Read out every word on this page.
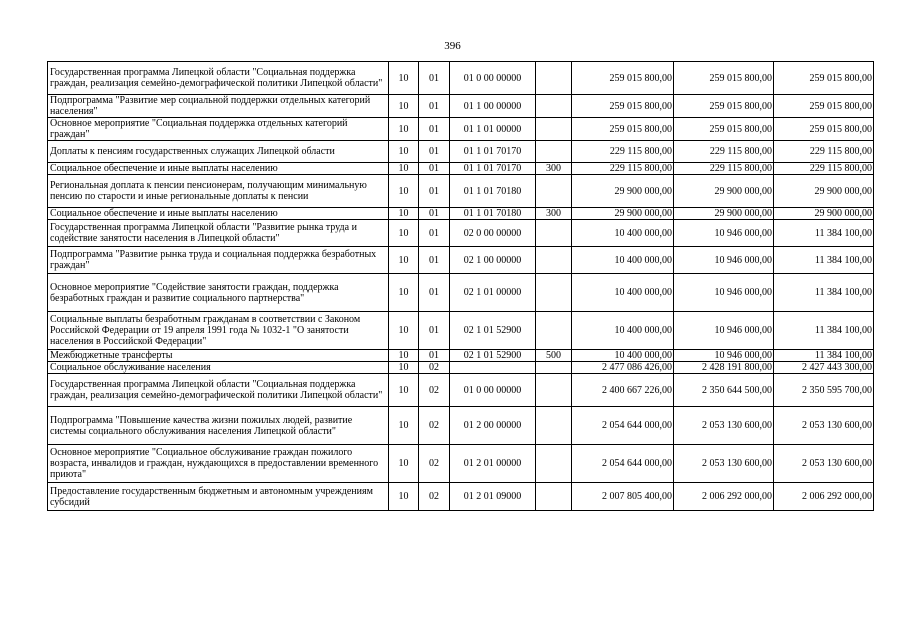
396
Государственная программа Липецкой области "Социальная поддержка граждан, реализация семейно-демографической политики Липецкой области"	10	01	01 0 00 00000		259 015 800,00	259 015 800,00	259 015 800,00
Подпрограмма "Развитие мер социальной поддержки отдельных категорий населения"	10	01	01 1 00 00000		259 015 800,00	259 015 800,00	259 015 800,00
Основное мероприятие "Социальная поддержка отдельных категорий граждан"	10	01	01 1 01 00000		259 015 800,00	259 015 800,00	259 015 800,00
Доплаты к пенсиям государственных служащих Липецкой области	10	01	01 1 01 70170		229 115 800,00	229 115 800,00	229 115 800,00
Социальное обеспечение и иные выплаты населению	10	01	01 1 01 70170	300	229 115 800,00	229 115 800,00	229 115 800,00
Региональная доплата к пенсии пенсионерам, получающим минимальную пенсию по старости и иные региональные доплаты к пенсии	10	01	01 1 01 70180		29 900 000,00	29 900 000,00	29 900 000,00
Социальное обеспечение и иные выплаты населению	10	01	01 1 01 70180	300	29 900 000,00	29 900 000,00	29 900 000,00
Государственная программа Липецкой области "Развитие рынка труда и содействие занятости населения в Липецкой области"	10	01	02 0 00 00000		10 400 000,00	10 946 000,00	11 384 100,00
Подпрограмма "Развитие рынка труда и социальная поддержка безработных граждан"	10	01	02 1 00 00000		10 400 000,00	10 946 000,00	11 384 100,00
Основное мероприятие "Содействие занятости граждан, поддержка безработных граждан и развитие социального партнерства"	10	01	02 1 01 00000		10 400 000,00	10 946 000,00	11 384 100,00
Социальные выплаты безработным гражданам в соответствии с Законом Российской Федерации от 19 апреля 1991 года № 1032-1 "О занятости населения в Российской Федерации"	10	01	02 1 01 52900		10 400 000,00	10 946 000,00	11 384 100,00
Межбюджетные трансферты	10	01	02 1 01 52900	500	10 400 000,00	10 946 000,00	11 384 100,00
Социальное обслуживание населения	10	02			2 477 086 426,00	2 428 191 800,00	2 427 443 300,00
Государственная программа Липецкой области "Социальная поддержка граждан, реализация семейно-демографической политики Липецкой области"	10	02	01 0 00 00000		2 400 667 226,00	2 350 644 500,00	2 350 595 700,00
Подпрограмма "Повышение качества жизни пожилых людей, развитие системы социального обслуживания населения Липецкой области"	10	02	01 2 00 00000		2 054 644 000,00	2 053 130 600,00	2 053 130 600,00
Основное мероприятие "Социальное обслуживание граждан пожилого возраста, инвалидов и граждан, нуждающихся в предоставлении временного приюта"	10	02	01 2 01 00000		2 054 644 000,00	2 053 130 600,00	2 053 130 600,00
Предоставление государственным бюджетным и автономным учреждениям субсидий	10	02	01 2 01 09000		2 007 805 400,00	2 006 292 000,00	2 006 292 000,00
